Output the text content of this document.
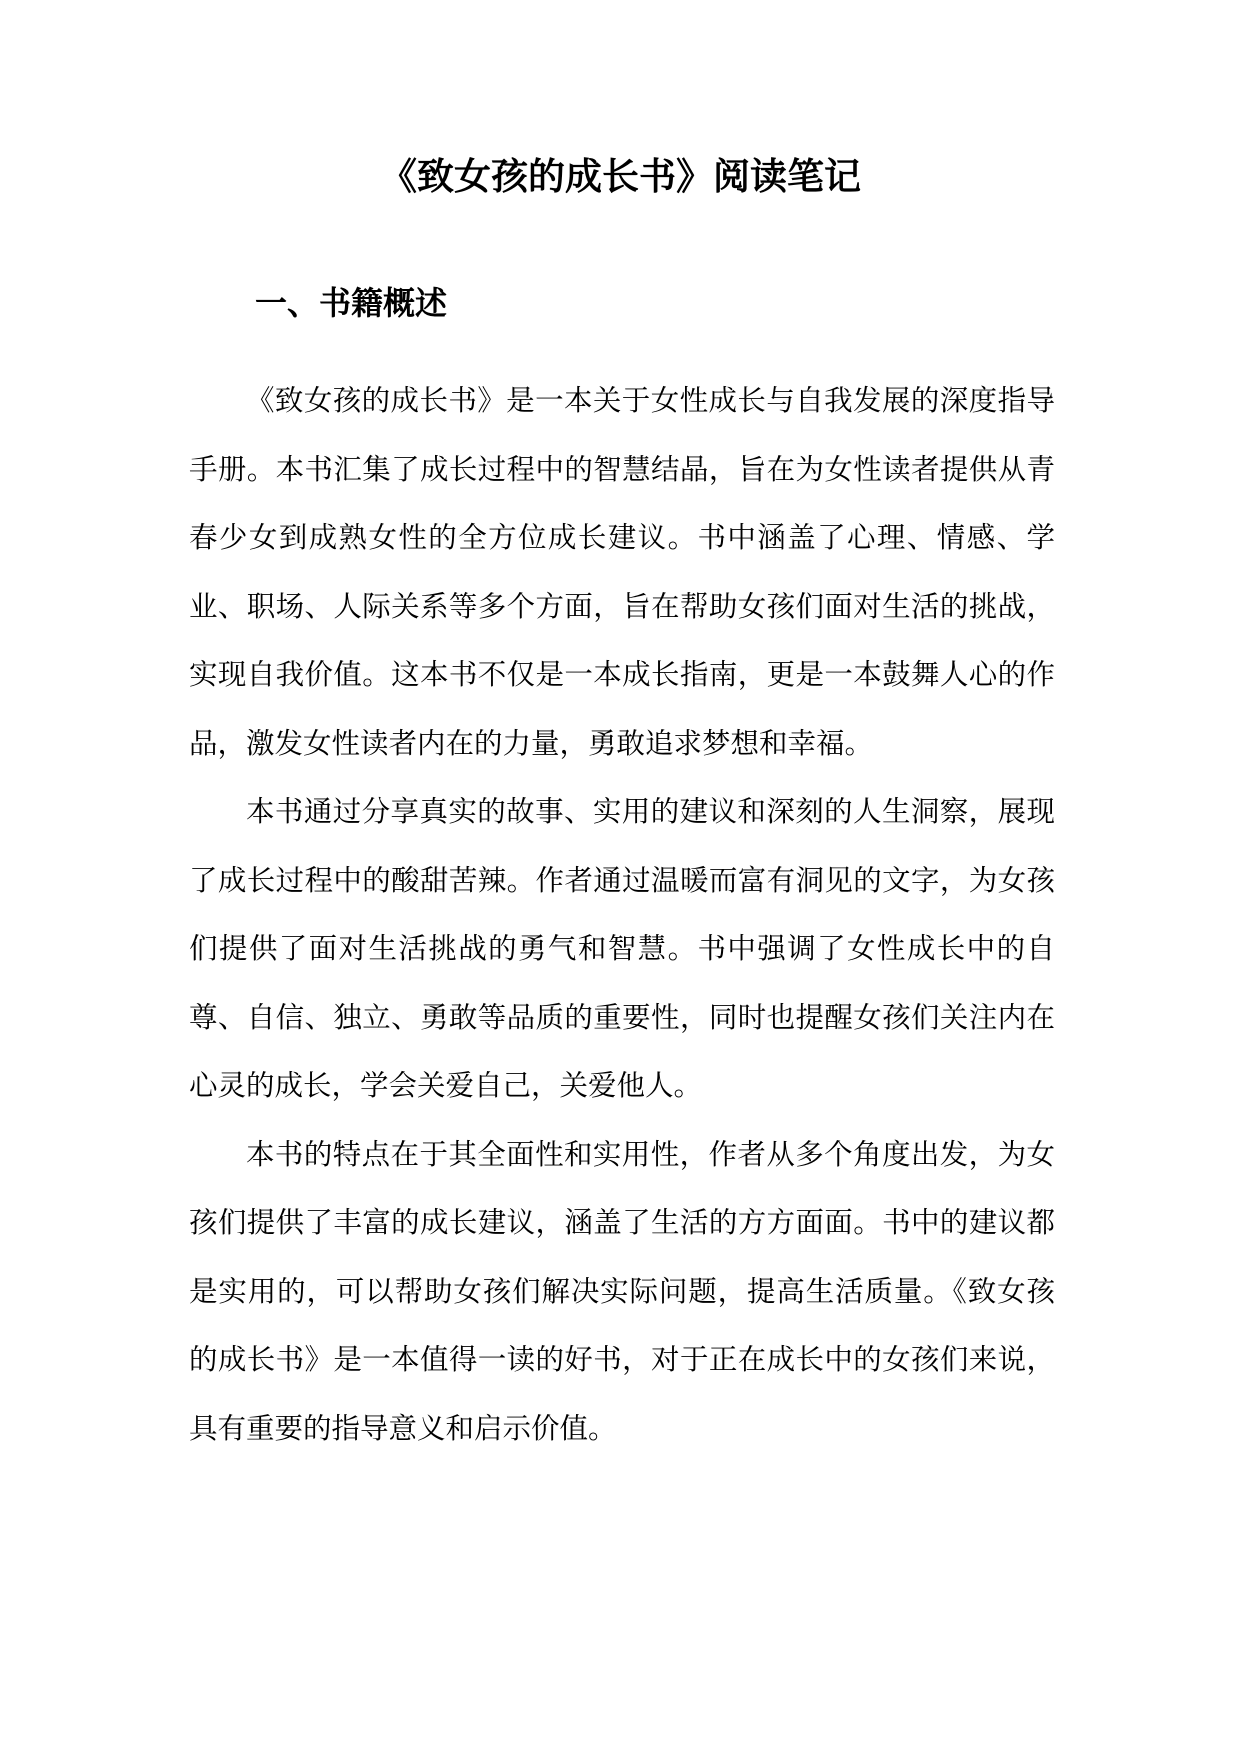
《致女孩的成长书》阅读笔记
一、书籍概述

《致女孩的成长书》是一本关于女性成长与自我发展的深度指导手册。本书汇集了成长过程中的智慧结晶，旨在为女性读者提供从青春少女到成熟女性的全方位成长建议。书中涵盖了心理、情感、学业、职场、人际关系等多个方面，旨在帮助女孩们面对生活的挑战，实现自我价值。这本书不仅是一本成长指南，更是一本鼓舞人心的作品，激发女性读者内在的力量，勇敢追求梦想和幸福。

本书通过分享真实的故事、实用的建议和深刻的人生洞察，展现了成长过程中的酸甜苦辣。作者通过温暖而富有洞见的文字，为女孩们提供了面对生活挑战的勇气和智慧。书中强调了女性成长中的自尊、自信、独立、勇敢等品质的重要性，同时也提醒女孩们关注内在心灵的成长，学会关爱自己，关爱他人。

本书的特点在于其全面性和实用性，作者从多个角度出发，为女孩们提供了丰富的成长建议，涵盖了生活的方方面面。书中的建议都是实用的，可以帮助女孩们解决实际问题，提高生活质量。《致女孩的成长书》是一本值得一读的好书，对于正在成长中的女孩们来说，具有重要的指导意义和启示价值。
